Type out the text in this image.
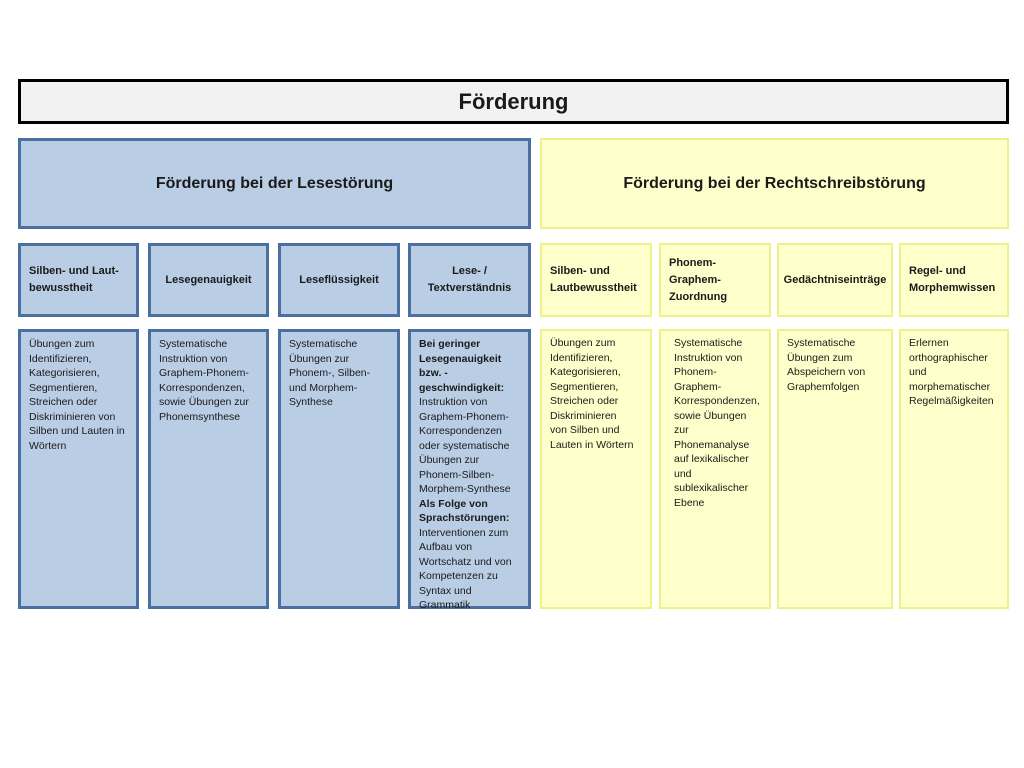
Förderung
Förderung bei der Lesestörung
Silben- und Laut-
bewusstheit
Lesegenauigkeit	Leseflüssigkeit
Lese- /
Textverständnis
Übungen zum
Identifizieren,
Kategorisieren,
Segmentieren,
Streichen oder
Diskriminieren von
Silben und Lauten in
Wörtern
Systematische
Instruktion von
Graphem-Phonem-
Korrespondenzen,
sowie Übungen zur
Phonemsynthese
Systematische
Übungen zur
Phonem-, Silben-
und Morphem-
Synthese
Bei geringer
Lesegenauigkeit
bzw. -
geschwindigkeit:
Instruktion von
Graphem-Phonem-
Korrespondenzen
oder systematische
Übungen zur
Phonem-Silben-
Morphem-Synthese
Als Folge von
Sprachstörungen:
Interventionen zum
Aufbau von
Wortschatz und von
Kompetenzen zu
Syntax und
Grammatik
Förderung bei der Rechtschreibstörung
Silben- und
Lautbewusstheit
Phonem-
Graphem-
Zuordnung
Gedächtniseinträge
Regel- und
Morphemwissen
Übungen zum
Identifizieren,
Kategorisieren,
Segmentieren,
Streichen oder
Diskriminieren
von Silben und
Lauten in Wörtern
Systematische
Instruktion von
Phonem-
Graphem-
Korrespondenzen,
sowie Übungen
zur
Phonemanalyse
auf lexikalischer
und
sublexikalischer
Ebene
Systematische
Übungen zum
Abspeichern von
Graphemfolgen
Erlernen
orthographischer
und
morphematischer
Regelmäßigkeiten
